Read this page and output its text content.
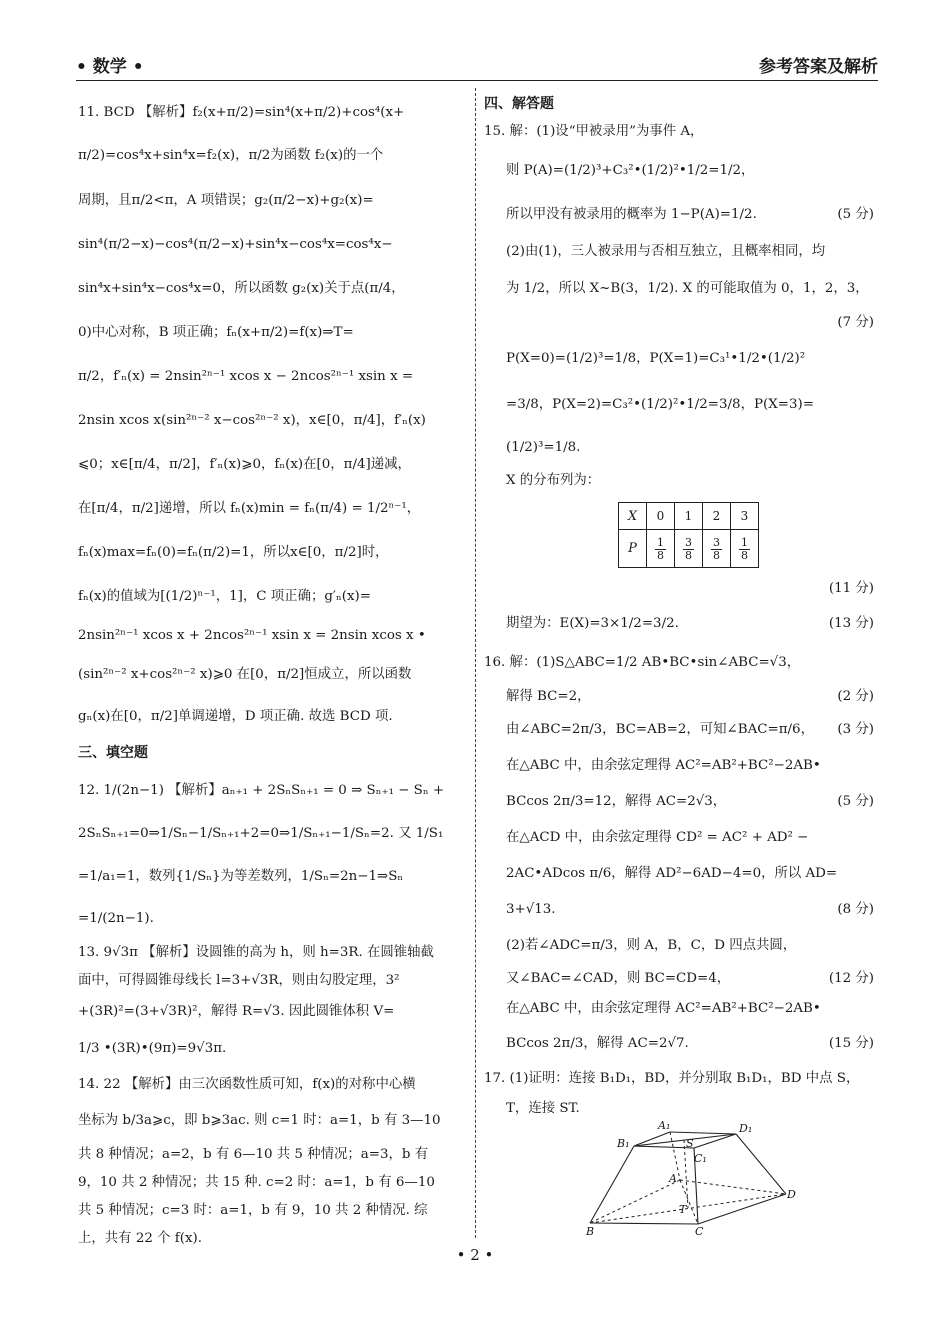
• 数学 •	参考答案及解析
11. BCD 【解析】f₂(x+π/2)=sin⁴(x+π/2)+cos⁴(x+
π/2)=cos⁴x+sin⁴x=f₂(x)，π/2为函数 f₂(x)的一个
周期，且π/2<π，A 项错误；g₂(π/2−x)+g₂(x)=
sin⁴(π/2−x)−cos⁴(π/2−x)+sin⁴x−cos⁴x=cos⁴x−
sin⁴x+sin⁴x−cos⁴x=0，所以函数 g₂(x)关于点(π/4，
0)中心对称，B 项正确；fₙ(x+π/2)=f(x)⇒T=
π/2，f′ₙ(x) = 2nsin²ⁿ⁻¹ xcos x − 2ncos²ⁿ⁻¹ xsin x =
2nsin xcos x(sin²ⁿ⁻² x−cos²ⁿ⁻² x)，x∈[0，π/4]，f′ₙ(x)
⩽0；x∈[π/4，π/2]，f′ₙ(x)⩾0，fₙ(x)在[0，π/4]递减，
在[π/4，π/2]递增，所以 fₙ(x)min = fₙ(π/4) = 1/2ⁿ⁻¹，
fₙ(x)max=fₙ(0)=fₙ(π/2)=1，所以x∈[0，π/2]时，
fₙ(x)的值域为[(1/2)ⁿ⁻¹，1]，C 项正确；g′ₙ(x)=
2nsin²ⁿ⁻¹ xcos x + 2ncos²ⁿ⁻¹ xsin x = 2nsin xcos x •
(sin²ⁿ⁻² x+cos²ⁿ⁻² x)⩾0 在[0，π/2]恒成立，所以函数
gₙ(x)在[0，π/2]单调递增，D 项正确. 故选 BCD 项.
三、填空题
12. 1/(2n−1) 【解析】aₙ₊₁ + 2SₙSₙ₊₁ = 0 ⇒ Sₙ₊₁ − Sₙ +
2SₙSₙ₊₁=0⇒1/Sₙ−1/Sₙ₊₁+2=0⇒1/Sₙ₊₁−1/Sₙ=2. 又 1/S₁
=1/a₁=1，数列{1/Sₙ}为等差数列，1/Sₙ=2n−1⇒Sₙ
=1/(2n−1).
13. 9√3π 【解析】设圆锥的高为 h，则 h=3R. 在圆锥轴截
面中，可得圆锥母线长 l=3+√3R，则由勾股定理，3²
+(3R)²=(3+√3R)²，解得 R=√3. 因此圆锥体积 V=
1/3 •(3R)•(9π)=9√3π.
14. 22 【解析】由三次函数性质可知，f(x)的对称中心横
坐标为 b/3a⩾c，即 b⩾3ac. 则 c=1 时：a=1，b 有 3—10
共 8 种情况；a=2，b 有 6—10 共 5 种情况；a=3，b 有
9，10 共 2 种情况；共 15 种. c=2 时：a=1，b 有 6—10
共 5 种情况；c=3 时：a=1，b 有 9，10 共 2 种情况. 综
上，共有 22 个 f(x).
四、解答题
15. 解：(1)设“甲被录用”为事件 A，
则 P(A)=(1/2)³+C₃²•(1/2)²•1/2=1/2，
所以甲没有被录用的概率为 1−P(A)=1/2.	(5 分)
(2)由(1)，三人被录用与否相互独立，且概率相同，均
为 1/2，所以 X~B(3，1/2). X 的可能取值为 0，1，2，3，
(7 分)
P(X=0)=(1/2)³=1/8，P(X=1)=C₃¹•1/2•(1/2)²
=3/8，P(X=2)=C₃²•(1/2)²•1/2=3/8，P(X=3)=
(1/2)³=1/8.
X 的分布列为：
X	0	1	2	3
P	$\frac{1}{8}$	$\frac{3}{8}$	$\frac{3}{8}$	$\frac{1}{8}$
(11 分)
期望为：E(X)=3×1/2=3/2.	(13 分)
16. 解：(1)S△ABC=1/2 AB•BC•sin∠ABC=√3，
解得 BC=2，	(2 分)
由∠ABC=2π/3，BC=AB=2，可知∠BAC=π/6， (3 分)
在△ABC 中，由余弦定理得 AC²=AB²+BC²−2AB•
BCcos 2π/3=12，解得 AC=2√3，	(5 分)
在△ACD 中，由余弦定理得 CD² = AC² + AD² −
2AC•ADcos π/6，解得 AD²−6AD−4=0，所以 AD=
3+√13.	(8 分)
(2)若∠ADC=π/3，则 A，B，C，D 四点共圆，
又∠BAC=∠CAD，则 BC=CD=4，	(12 分)
在△ABC 中，由余弦定理得 AC²=AB²+BC²−2AB•
BCcos 2π/3，解得 AC=2√7.	(15 分)
17. (1)证明：连接 B₁D₁，BD，并分别取 B₁D₁，BD 中点 S，
T，连接 ST.
A₁	D₁
B₁
C₁
S
A
T
B	C
D
• 2 •
